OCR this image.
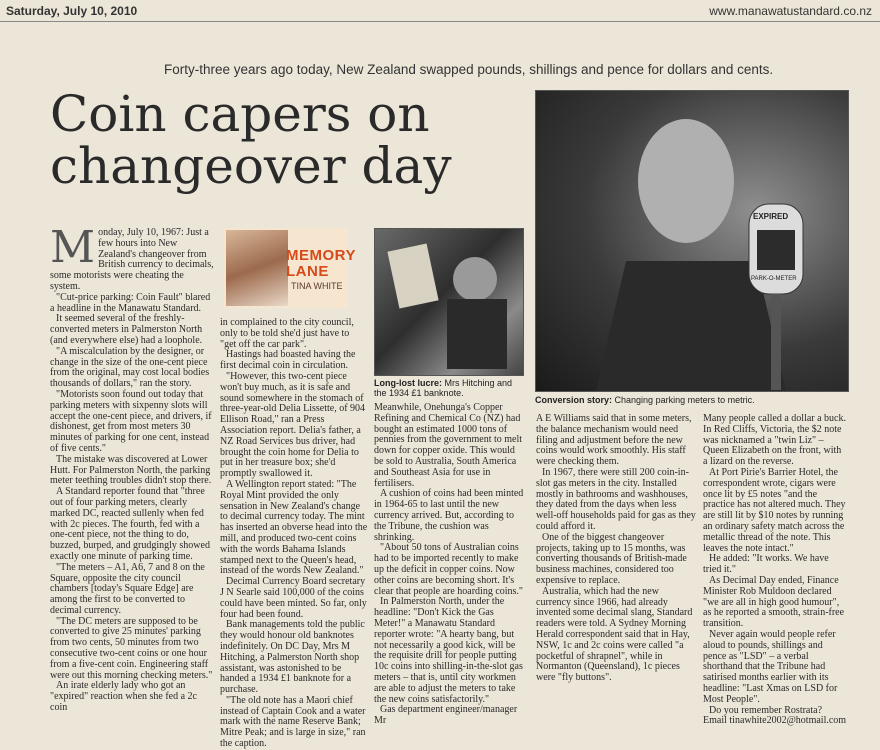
Saturday, July 10, 2010	www.manawatustandard.co.nz
Forty-three years ago today, New Zealand swapped pounds, shillings and pence for dollars and cents.
Coin capers on
changeover day
M onday, July 10, 1967: Just a few hours into New Zealand's changeover from British currency to decimals, some motorists were cheating the system.

"Cut-price parking: Coin Fault" blared a headline in the Manawatu Standard.

It seemed several of the freshly-converted meters in Palmerston North (and everywhere else) had a loophole.

"A miscalculation by the designer, or change in the size of the one-cent piece from the original, may cost local bodies thousands of dollars," ran the story.

"Motorists soon found out today that parking meters with sixpenny slots will accept the one-cent piece, and drivers, if dishonest, get from most meters 30 minutes of parking for one cent, instead of five cents."

The mistake was discovered at Lower Hutt. For Palmerston North, the parking meter teething troubles didn't stop there.

A Standard reporter found that "three out of four parking meters, clearly marked DC, reacted sullenly when fed with 2c pieces. The fourth, fed with a one-cent piece, not the thing to do, buzzed, burped, and grudgingly showed exactly one minute of parking time.

"The meters – A1, A6, 7 and 8 on the Square, opposite the city council chambers [today's Square Edge] are among the first to be converted to decimal currency.

"The DC meters are supposed to be converted to give 25 minutes' parking from two cents, 50 minutes from two consecutive two-cent coins or one hour from a five-cent coin. Engineering staff were out this morning checking meters."

An irate elderly lady who got an "expired" reaction when she fed a 2c coin

MEMORY
LANE
TINA WHITE

in complained to the city council, only to be told she'd just have to "get off the car park".

Hastings had boasted having the first decimal coin in circulation.

"However, this two-cent piece won't buy much, as it is safe and sound somewhere in the stomach of three-year-old Delia Lissette, of 904 Ellison Road," ran a Press Association report. Delia's father, a NZ Road Services bus driver, had brought the coin home for Delia to put in her treasure box; she'd promptly swallowed it.

A Wellington report stated: "The Royal Mint provided the only sensation in New Zealand's change to decimal currency today. The mint has inserted an obverse head into the mill, and produced two-cent coins with the words Bahama Islands stamped next to the Queen's head, instead of the words New Zealand."

Decimal Currency Board secretary J N Searle said 100,000 of the coins could have been minted. So far, only four had been found.

Bank managements told the public they would honour old banknotes indefinitely. On DC Day, Mrs M Hitching, a Palmerston North shop assistant, was astonished to be handed a 1934 £1 banknote for a purchase.

"The old note has a Maori chief instead of Captain Cook and a water mark with the name Reserve Bank; Mitre Peak; and is large in size," ran the caption.

Long-lost lucre: Mrs Hitching and the 1934 £1 banknote.

Meanwhile, Onehunga's Copper Refining and Chemical Co (NZ) had bought an estimated 1000 tons of pennies from the government to melt down for copper oxide. This would be sold to Australia, South America and Southeast Asia for use in fertilisers.

A cushion of coins had been minted in 1964-65 to last until the new currency arrived. But, according to the Tribune, the cushion was shrinking.

"About 50 tons of Australian coins had to be imported recently to make up the deficit in copper coins. Now other coins are becoming short. It's clear that people are hoarding coins."

In Palmerston North, under the headline: "Don't Kick the Gas Meter!" a Manawatu Standard reporter wrote: "A hearty bang, but not necessarily a good kick, will be the requisite drill for people putting 10c coins into shilling-in-the-slot gas meters – that is, until city workmen are able to adjust the meters to take the new coins satisfactorily."

Gas department engineer/manager Mr

EXPIRED
PARK-O-METER
Conversion story: Changing parking meters to metric.

A E Williams said that in some meters, the balance mechanism would need filing and adjustment before the new coins would work smoothly. His staff were checking them.

In 1967, there were still 200 coin-in-slot gas meters in the city. Installed mostly in bathrooms and washhouses, they dated from the days when less well-off households paid for gas as they could afford it.

One of the biggest changeover projects, taking up to 15 months, was converting thousands of British-made business machines, considered too expensive to replace.

Australia, which had the new currency since 1966, had already invented some decimal slang, Standard readers were told. A Sydney Morning Herald correspondent said that in Hay, NSW, 1c and 2c coins were called "a pocketful of shrapnel", while in Normanton (Queensland), 1c pieces were "fly buttons".

Many people called a dollar a buck. In Red Cliffs, Victoria, the $2 note was nicknamed a "twin Liz" – Queen Elizabeth on the front, with a lizard on the reverse.

At Port Pirie's Barrier Hotel, the correspondent wrote, cigars were once lit by £5 notes "and the practice has not altered much. They are still lit by $10 notes by running an ordinary safety match across the metallic thread of the note. This leaves the note intact."

He added: "It works. We have tried it."

As Decimal Day ended, Finance Minister Rob Muldoon declared "we are all in high good humour", as he reported a smooth, strain-free transition.

Never again would people refer aloud to pounds, shillings and pence as "LSD" – a verbal shorthand that the Tribune had satirised months earlier with its headline: "Last Xmas on LSD for Most People".

Do you remember Rostrata? Email tinawhite2002@hotmail.com
